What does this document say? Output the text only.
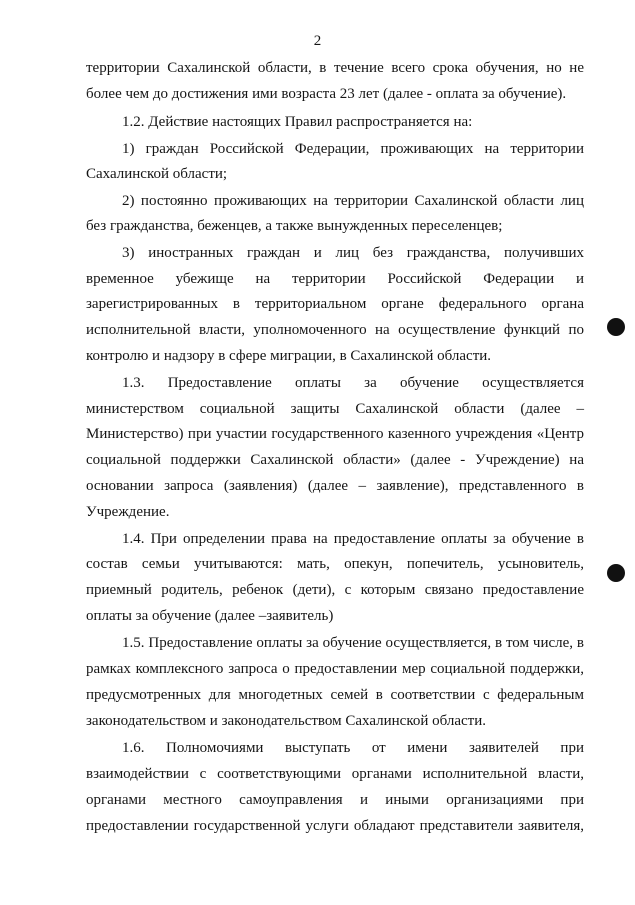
2
территории Сахалинской области, в течение всего срока обучения, но не
более чем до достижения ими возраста 23 лет (далее - оплата за обучение).
1.2. Действие настоящих Правил распространяется на:
1) граждан Российской Федерации, проживающих на территории
Сахалинской области;
2) постоянно проживающих на территории Сахалинской области лиц
без гражданства, беженцев, а также вынужденных переселенцев;
3) иностранных граждан и лиц без гражданства, получивших
временное убежище на территории Российской Федерации и
зарегистрированных в территориальном органе федерального органа
исполнительной власти, уполномоченного на осуществление функций по
контролю и надзору в сфере миграции, в Сахалинской области.
1.3. Предоставление оплаты за обучение осуществляется
министерством социальной защиты Сахалинской области (далее –
Министерство) при участии государственного казенного учреждения «Центр
социальной поддержки Сахалинской области» (далее - Учреждение) на
основании запроса (заявления) (далее – заявление), представленного в
Учреждение.
1.4. При определении права на предоставление оплаты за обучение в
состав семьи учитываются: мать, опекун, попечитель, усыновитель,
приемный родитель, ребенок (дети), с которым связано предоставление
оплаты за обучение (далее –заявитель)
1.5. Предоставление оплаты за обучение осуществляется, в том числе, в
рамках комплексного запроса о предоставлении мер социальной поддержки,
предусмотренных для многодетных семей в соответствии с федеральным
законодательством и законодательством Сахалинской области.
1.6. Полномочиями выступать от имени заявителей при
взаимодействии с соответствующими органами исполнительной власти,
органами местного самоуправления и иными организациями при
предоставлении государственной услуги обладают представители заявителя,
